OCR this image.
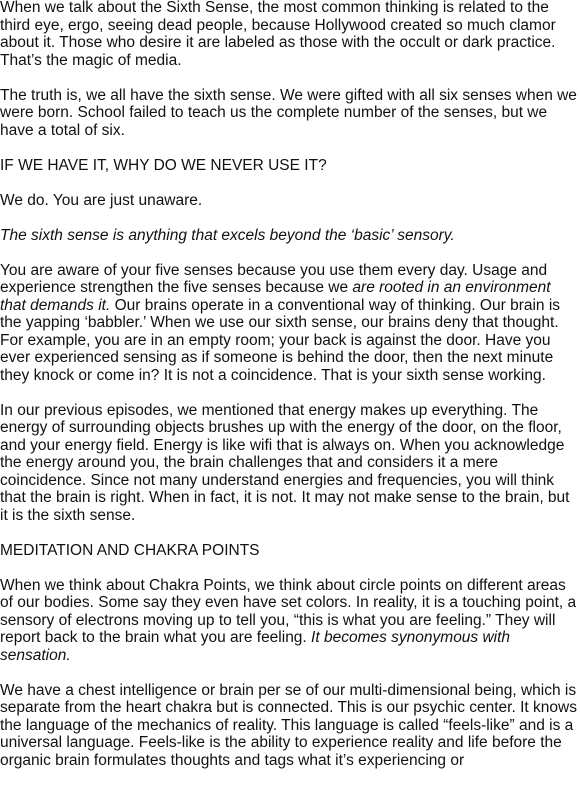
When we talk about the Sixth Sense, the most common thinking is related to the third eye, ergo, seeing dead people, because Hollywood created so much clamor about it. Those who desire it are labeled as those with the occult or dark practice. That’s the magic of media.

The truth is, we all have the sixth sense. We were gifted with all six senses when we were born. School failed to teach us the complete number of the senses, but we have a total of six.

IF WE HAVE IT, WHY DO WE NEVER USE IT?

We do. You are just unaware.

The sixth sense is anything that excels beyond the ‘basic’ sensory.

You are aware of your five senses because you use them every day. Usage and experience strengthen the five senses because we are rooted in an environment that demands it. Our brains operate in a conventional way of thinking. Our brain is the yapping ‘babbler.’ When we use our sixth sense, our brains deny that thought. For example, you are in an empty room; your back is against the door. Have you ever experienced sensing as if someone is behind the door, then the next minute they knock or come in? It is not a coincidence. That is your sixth sense working.

In our previous episodes, we mentioned that energy makes up everything. The energy of surrounding objects brushes up with the energy of the door, on the floor, and your energy field. Energy is like wifi that is always on. When you acknowledge the energy around you, the brain challenges that and considers it a mere coincidence. Since not many understand energies and frequencies, you will think that the brain is right. When in fact, it is not. It may not make sense to the brain, but it is the sixth sense.

MEDITATION AND CHAKRA POINTS

When we think about Chakra Points, we think about circle points on different areas of our bodies. Some say they even have set colors. In reality, it is a touching point, a sensory of electrons moving up to tell you, “this is what you are feeling.” They will report back to the brain what you are feeling. It becomes synonymous with sensation.

We have a chest intelligence or brain per se of our multi-dimensional being, which is separate from the heart chakra but is connected. This is our psychic center. It knows the language of the mechanics of reality. This language is called “feels-like” and is a universal language. Feels-like is the ability to experience reality and life before the organic brain formulates thoughts and tags what it’s experiencing or
